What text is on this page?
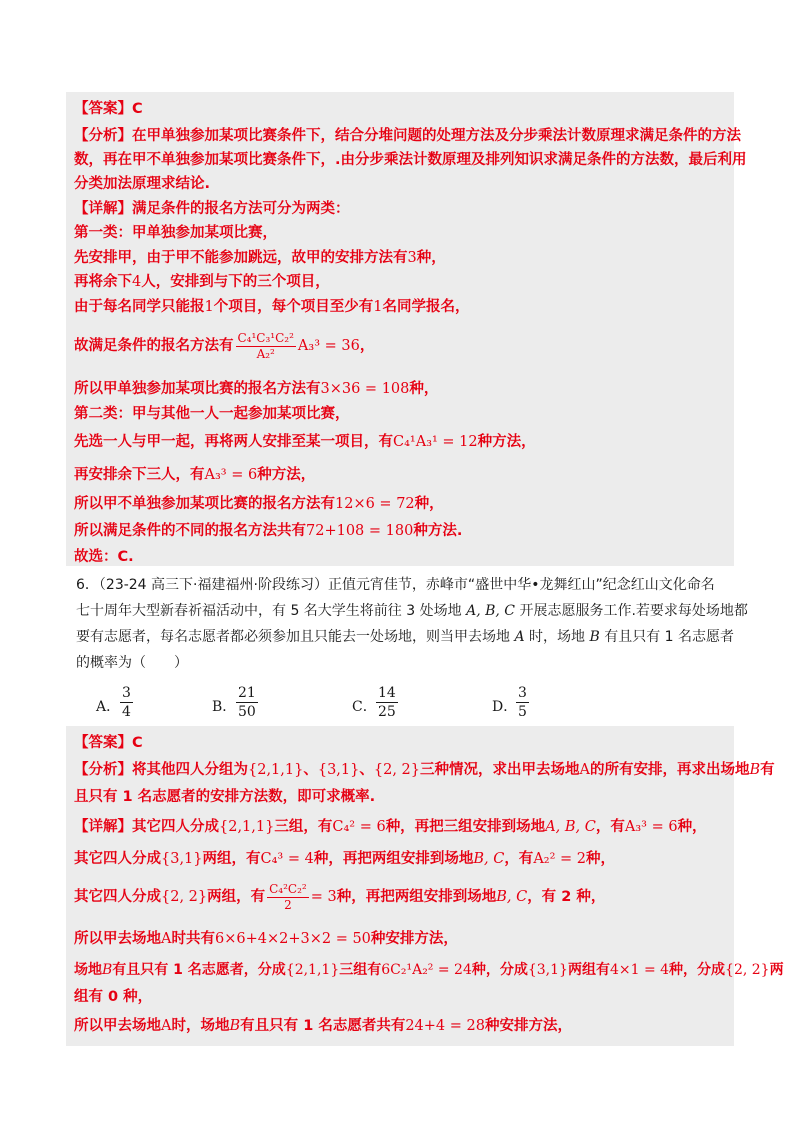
【答案】C
【分析】在甲单独参加某项比赛条件下，结合分堆问题的处理方法及分步乘法计数原理求满足条件的方法
数，再在甲不单独参加某项比赛条件下，.由分步乘法计数原理及排列知识求满足条件的方法数，最后利用
分类加法原理求结论.
【详解】满足条件的报名方法可分为两类：
第一类：甲单独参加某项比赛，
先安排甲，由于甲不能参加跳远，故甲的安排方法有3种，
再将余下4人，安排到与下的三个项目，
由于每名同学只能报1个项目，每个项目至少有1名同学报名，
故满足条件的报名方法有 $\frac{\text{C₄¹C₃¹C₂²}}{\text{A₂²}} A_3^3 = 36$，
所以甲单独参加某项比赛的报名方法有3×36 = 108种，
第二类：甲与其他一人一起参加某项比赛，
先选一人与甲一起，再将两人安排至某一项目，有C₄¹A₃¹ = 12种方法，
再安排余下三人，有A₃³ = 6种方法，
所以甲不单独参加某项比赛的报名方法有12×6 = 72种，
所以满足条件的不同的报名方法共有72+108 = 180种方法.
故选：C.
6．（23-24 高三下·福建福州·阶段练习）正值元宵佳节，赤峰市“盛世中华•龙舞红山”纪念红山文化命名
七十周年大型新春祈福活动中，有 5 名大学生将前往 3 处场地 A, B, C 开展志愿服务工作.若要求每处场地都
要有志愿者，每名志愿者都必须参加且只能去一处场地，则当甲去场地 A 时，场地 B 有且只有 1 名志愿者
的概率为（　　）
A． $\frac{3}{4}$	B． $\frac{21}{50}$	C． $\frac{14}{25}$	D．
$\frac{3}{5}$
【答案】C
【分析】将其他四人分组为{2,1,1}、{3,1}、{2, 2}三种情况，求出甲去场地A的所有安排，再求出场地B有
且只有 1 名志愿者的安排方法数，即可求概率.
【详解】其它四人分成{2,1,1}三组，有C₄² = 6种，再把三组安排到场地A, B, C，有A₃³ = 6种，
其它四人分成{3,1}两组，有C₄³ = 4种，再把两组安排到场地B, C，有A₂² = 2种，
其它四人分成{2, 2}两组，有 $\frac{\text{C₄²C₂²}}{2} = 3$种，再把两组安排到场地B, C，有 2 种，
所以甲去场地A时共有6×6+4×2+3×2 = 50种安排方法，
场地B有且只有 1 名志愿者，分成{2,1,1}三组有6C₂¹A₂² = 24种，分成{3,1}两组有4×1 = 4种，分成{2, 2}两
组有 0 种，
所以甲去场地A时，场地B有且只有 1 名志愿者共有24+4 = 28种安排方法，
